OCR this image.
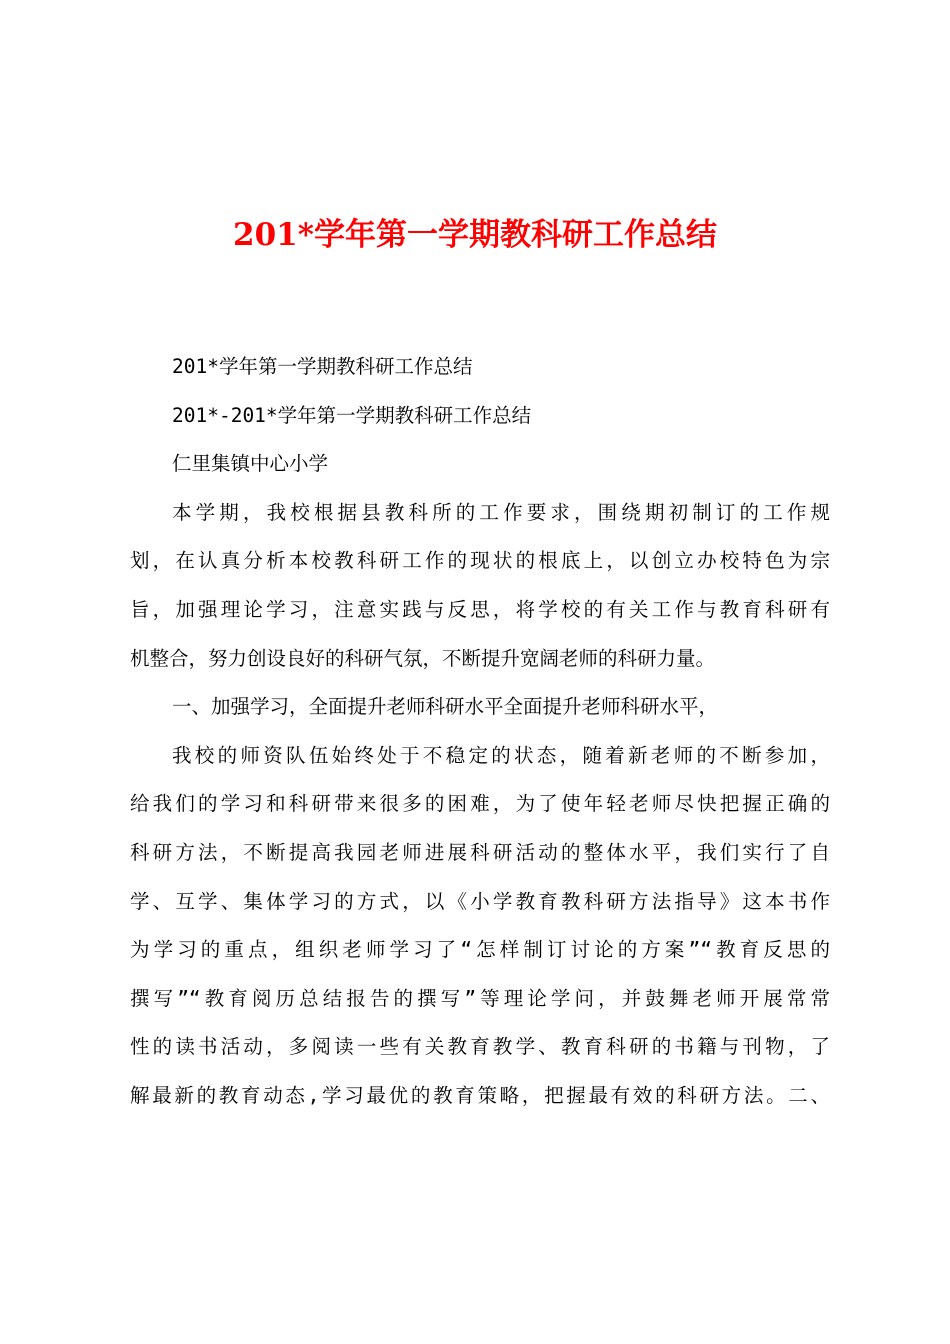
201*学年第一学期教科研工作总结

201*学年第一学期教科研工作总结

201*-201*学年第一学期教科研工作总结

仁里集镇中心小学

本学期，我校根据县教科所的工作要求，围绕期初制订的工作规

划，在认真分析本校教科研工作的现状的根底上，以创立办校特色为宗

旨，加强理论学习，注意实践与反思，将学校的有关工作与教育科研有

机整合，努力创设良好的科研气氛，不断提升宽阔老师的科研力量。

一、加强学习，全面提升老师科研水平全面提升老师科研水平，

我校的师资队伍始终处于不稳定的状态，随着新老师的不断参加，

给我们的学习和科研带来很多的困难，为了使年轻老师尽快把握正确的

科研方法，不断提高我园老师进展科研活动的整体水平，我们实行了自

学、互学、集体学习的方式，以《小学教育教科研方法指导》这本书作

为学习的重点，组织老师学习了“怎样制订讨论的方案”“教育反思的

撰写”“教育阅历总结报告的撰写”等理论学问，并鼓舞老师开展常常

性的读书活动，多阅读一些有关教育教学、教育科研的书籍与刊物，了

解最新的教育动态,学习最优的教育策略，把握最有效的科研方法。二、
